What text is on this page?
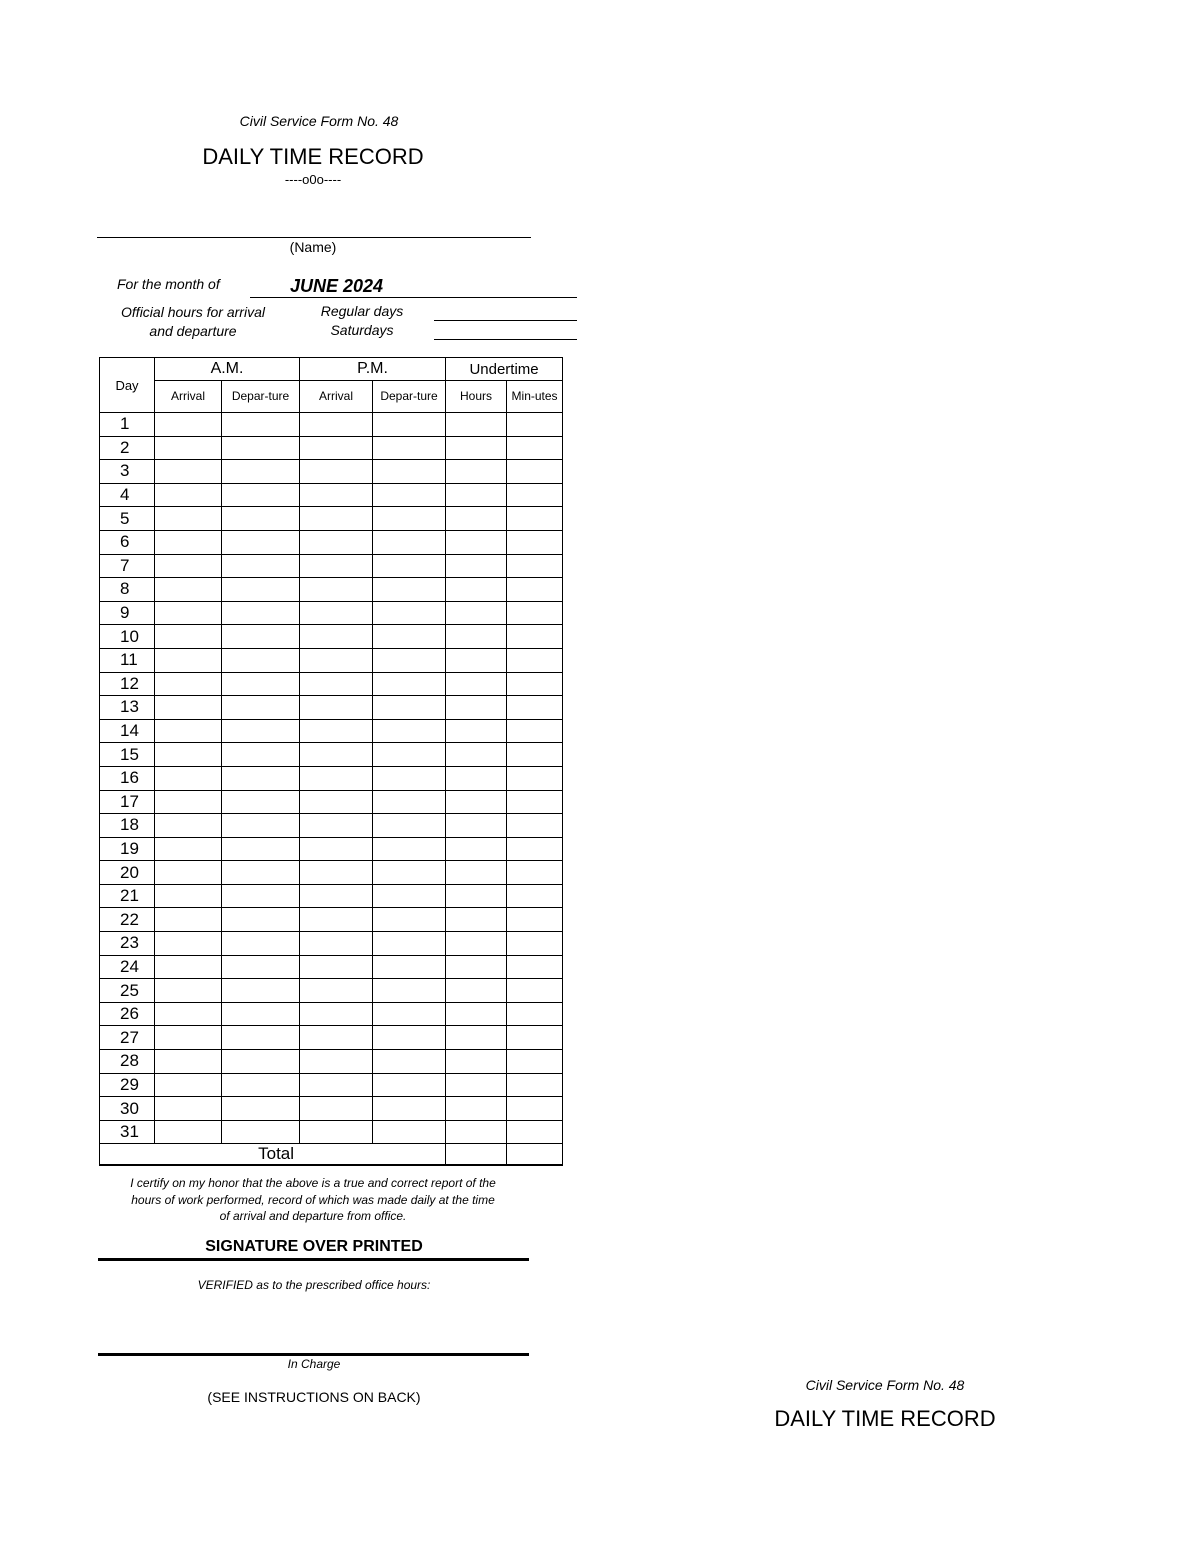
Civil Service Form No. 48
DAILY TIME RECORD
----o0o----
(Name)
For the month of	JUNE 2024
Official hours for arrival
and departure
Regular days
Saturdays
Day	A.M.		P.M.		Undertime	
	Arrival	Depar-ture	Arrival	Depar-ture	Hours	Min-utes
1						
2						
3						
4						
5						
6						
7						
8						
9						
10						
11						
12						
13						
14						
15						
16						
17						
18						
19						
20						
21						
22						
23						
24						
25						
26						
27						
28						
29						
30						
31						
Total						
I certify on my honor that the above is a true and correct report of the
hours of work performed, record of which was made daily at the time
of arrival and departure from office.
SIGNATURE OVER PRINTED
VERIFIED as to the prescribed office hours:
In Charge
(SEE INSTRUCTIONS ON BACK)
Civil Service Form No. 48
DAILY TIME RECORD
